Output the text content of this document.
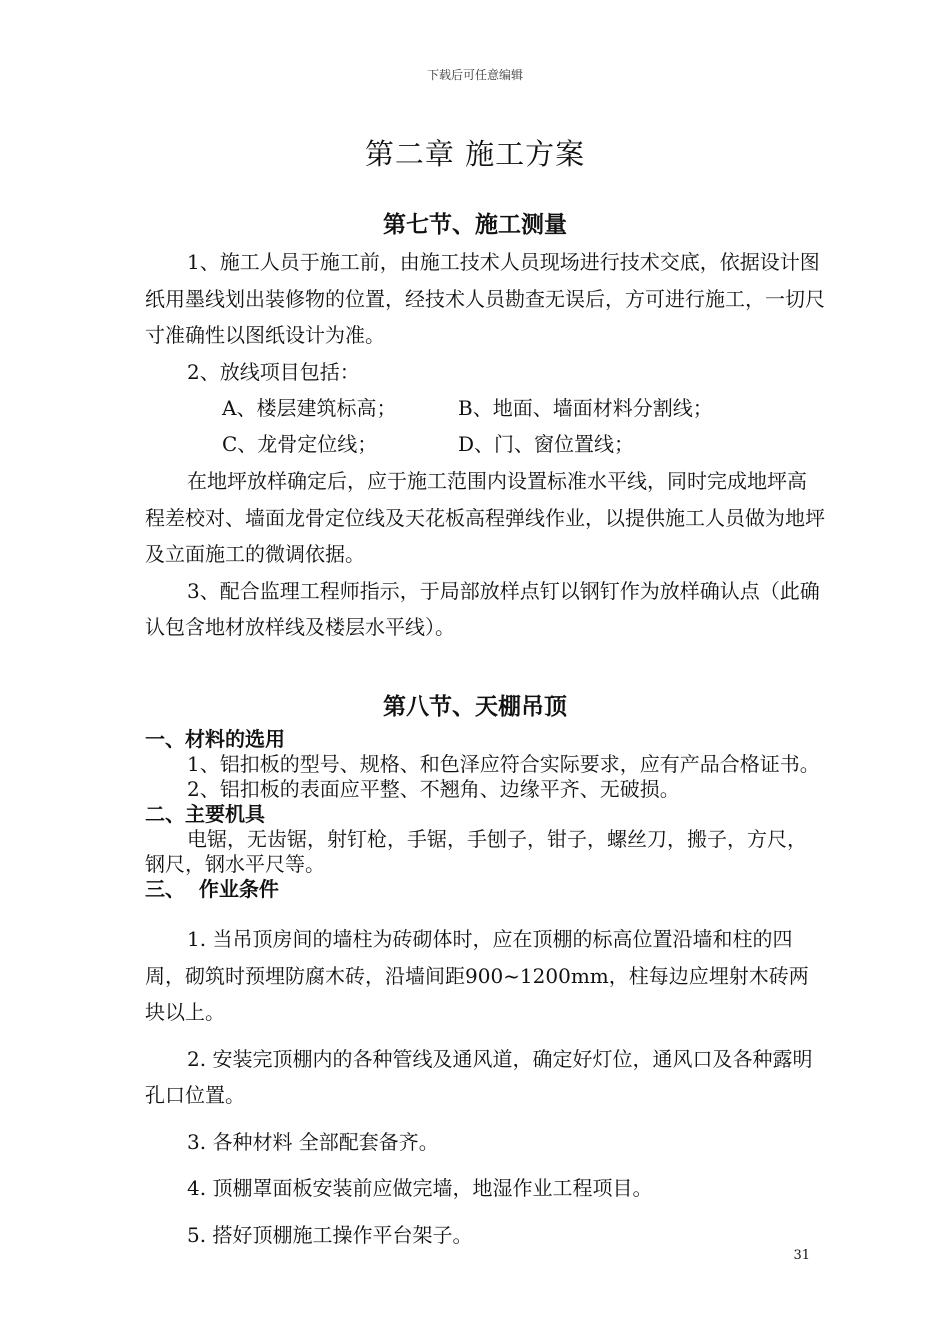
下载后可任意编辑
第二章 施工方案
第七节、施工测量

1、施工人员于施工前，由施工技术人员现场进行技术交底，依据设计图纸用墨线划出装修物的位置，经技术人员勘查无误后，方可进行施工，一切尺寸准确性以图纸设计为准。

2、放线项目包括：

A、楼层建筑标高；	B、地面、墙面材料分割线；
C、龙骨定位线；	D、门、窗位置线；

在地坪放样确定后，应于施工范围内设置标准水平线，同时完成地坪高程差校对、墙面龙骨定位线及天花板高程弹线作业，以提供施工人员做为地坪及立面施工的微调依据。

3、配合监理工程师指示，于局部放样点钉以钢钉作为放样确认点（此确认包含地材放样线及楼层水平线）。

第八节、天棚吊顶
一、材料的选用

1、铝扣板的型号、规格、和色泽应符合实际要求，应有产品合格证书。

2、铝扣板的表面应平整、不翘角、边缘平齐、无破损。

二、主要机具

电锯，无齿锯，射钉枪，手锯，手刨子，钳子，螺丝刀，搬子，方尺，钢尺，钢水平尺等。

三、  作业条件

1. 当吊顶房间的墙柱为砖砌体时，应在顶棚的标高位置沿墙和柱的四周，砌筑时预埋防腐木砖，沿墙间距900~1200mm，柱每边应埋射木砖两块以上。

2. 安装完顶棚内的各种管线及通风道，确定好灯位，通风口及各种露明孔口位置。

3. 各种材料 全部配套备齐。

4. 顶棚罩面板安装前应做完墙，地湿作业工程项目。

5. 搭好顶棚施工操作平台架子。

31
